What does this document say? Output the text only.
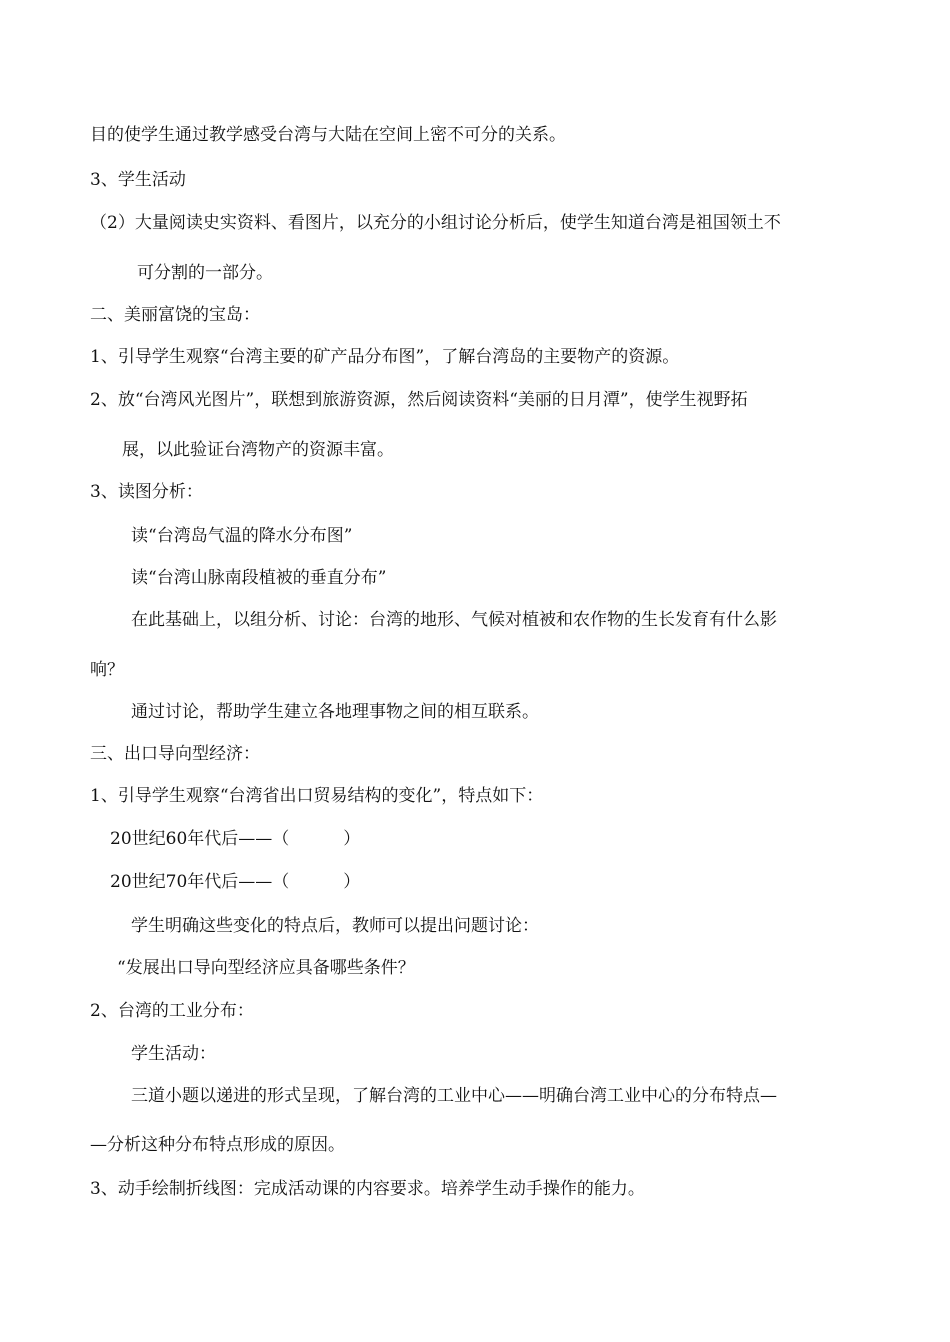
目的使学生通过教学感受台湾与大陆在空间上密不可分的关系。
3、学生活动
（2）大量阅读史实资料、看图片，以充分的小组讨论分析后，使学生知道台湾是祖国领土不
可分割的一部分。
二、美丽富饶的宝岛：
1、引导学生观察“台湾主要的矿产品分布图”，了解台湾岛的主要物产的资源。
2、放“台湾风光图片”，联想到旅游资源，然后阅读资料“美丽的日月潭”，使学生视野拓
展，以此验证台湾物产的资源丰富。
3、读图分析：
读“台湾岛气温的降水分布图”
读“台湾山脉南段植被的垂直分布”
在此基础上，以组分析、讨论：台湾的地形、气候对植被和农作物的生长发育有什么影
响？
通过讨论，帮助学生建立各地理事物之间的相互联系。
三、出口导向型经济：
1、引导学生观察“台湾省出口贸易结构的变化”，特点如下：
20世纪60年代后——（          ）
20世纪70年代后——（          ）
学生明确这些变化的特点后，教师可以提出问题讨论：
“发展出口导向型经济应具备哪些条件？
2、台湾的工业分布：
学生活动：
三道小题以递进的形式呈现，了解台湾的工业中心——明确台湾工业中心的分布特点—
—分析这种分布特点形成的原因。
3、动手绘制折线图：完成活动课的内容要求。培养学生动手操作的能力。
